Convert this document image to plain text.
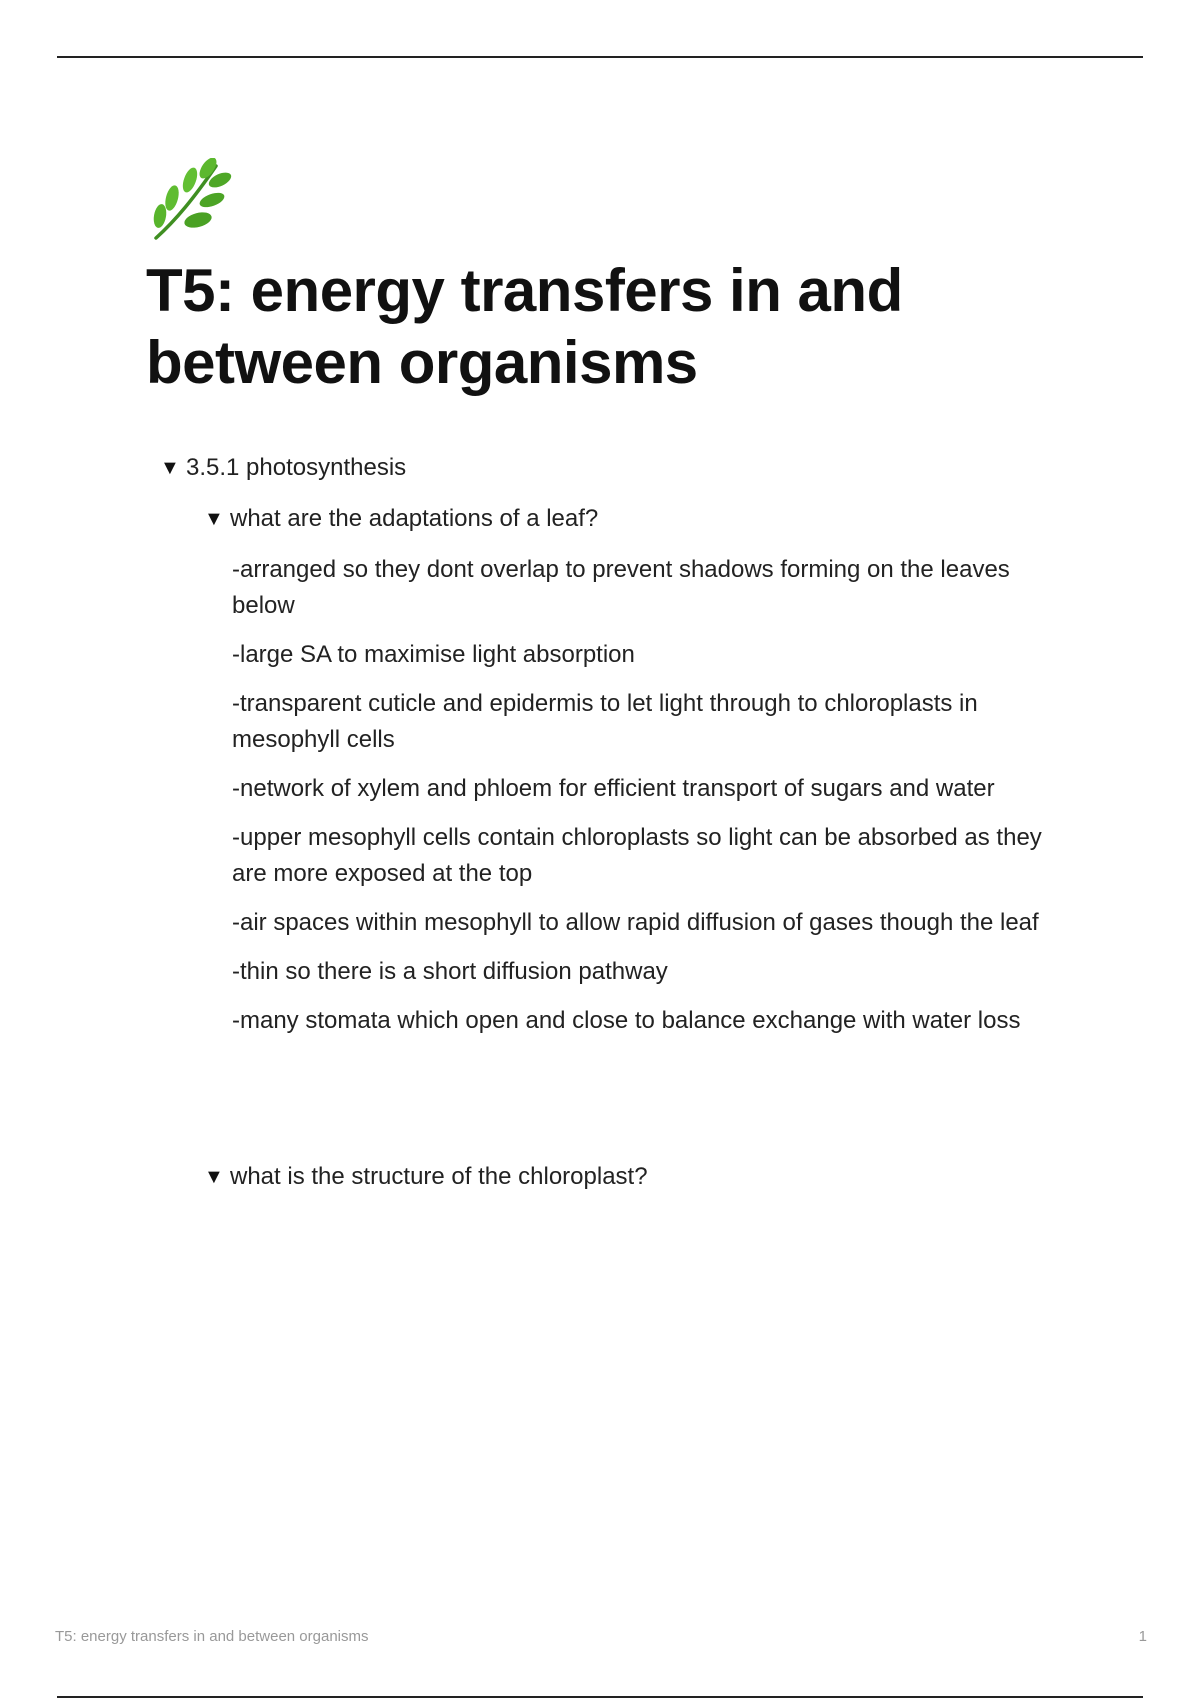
T5: energy transfers in and between organisms
▼ 3.5.1 photosynthesis
▼ what are the adaptations of a leaf?
-arranged so they dont overlap to prevent shadows forming on the leaves below
-large SA to maximise light absorption
-transparent cuticle and epidermis to let light through to chloroplasts in mesophyll cells
-network of xylem and phloem for efficient transport of sugars and water
-upper mesophyll cells contain chloroplasts so light can be absorbed as they are more exposed at the top
-air spaces within mesophyll to allow rapid diffusion of gases though the leaf
-thin so there is a short diffusion pathway
-many stomata which open and close to balance exchange with water loss
▼ what is the structure of the chloroplast?
T5: energy transfers in and between organisms	1
